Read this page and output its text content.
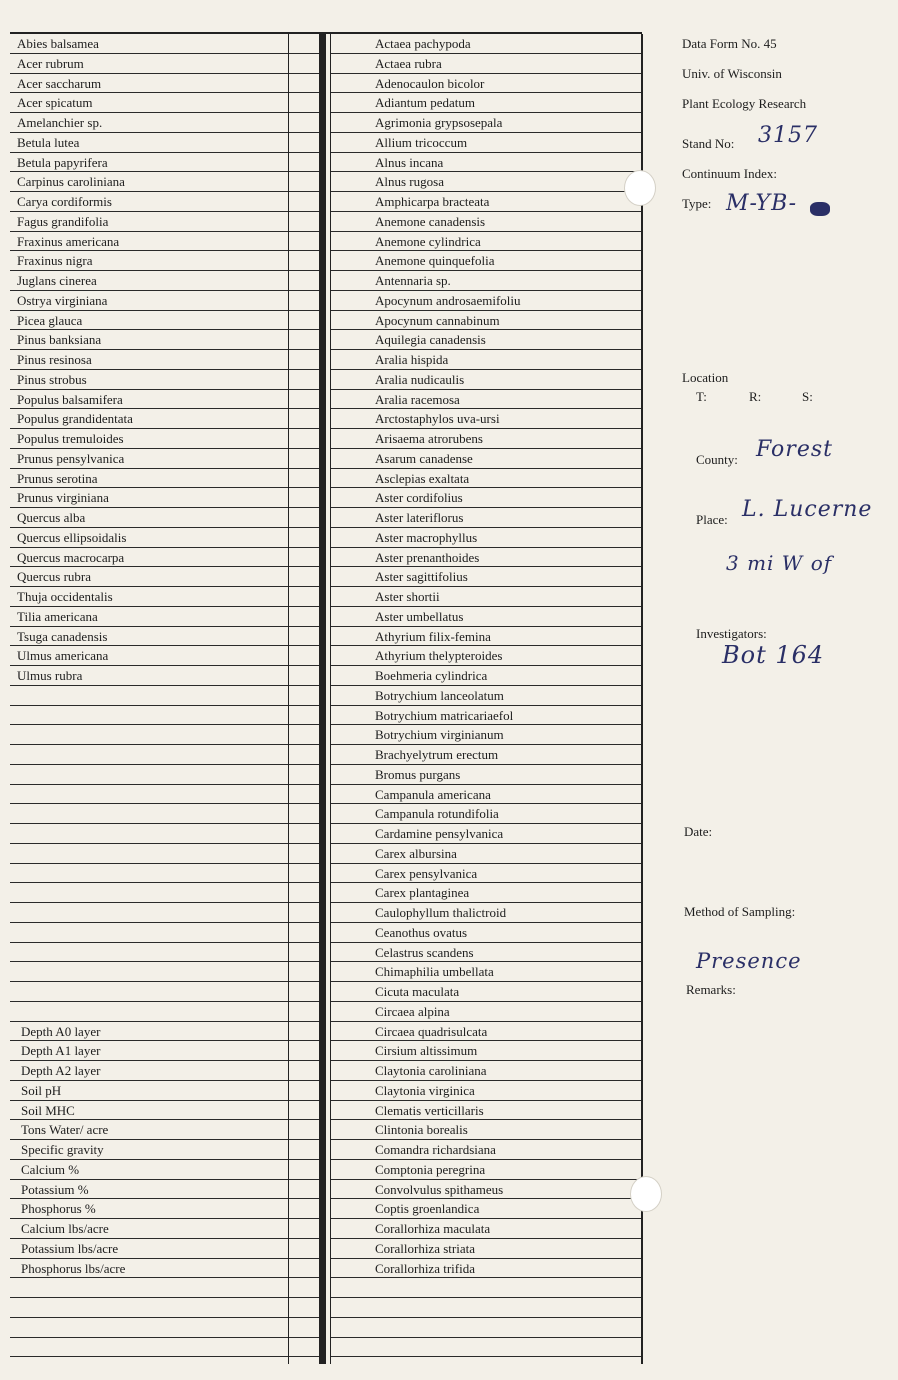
Abies balsamea
Acer rubrum
Acer saccharum
Acer spicatum
Amelanchier sp.
Betula lutea
Betula papyrifera
Carpinus caroliniana
Carya cordiformis
Fagus grandifolia
Fraxinus americana
Fraxinus nigra
Juglans cinerea
Ostrya virginiana
Picea glauca
Pinus banksiana
Pinus resinosa
Pinus strobus
Populus balsamifera
Populus grandidentata
Populus tremuloides
Prunus pensylvanica
Prunus serotina
Prunus virginiana
Quercus alba
Quercus ellipsoidalis
Quercus macrocarpa
Quercus rubra
Thuja occidentalis
Tilia americana
Tsuga canadensis
Ulmus americana
Ulmus rubra
Depth A0 layer
Depth A1 layer
Depth A2 layer
Soil pH
Soil MHC
Tons Water/ acre
Specific gravity
Calcium %
Potassium %
Phosphorus %
Calcium lbs/acre
Potassium lbs/acre
Phosphorus lbs/acre
Actaea pachypoda
Actaea rubra
Adenocaulon bicolor
Adiantum pedatum
Agrimonia grypsosepala
Allium tricoccum
Alnus incana
Alnus rugosa
Amphicarpa bracteata
Anemone canadensis
Anemone cylindrica
Anemone quinquefolia
Antennaria sp.
Apocynum androsaemifoliu
Apocynum cannabinum
Aquilegia canadensis
Aralia hispida
Aralia nudicaulis
Aralia racemosa
Arctostaphylos uva-ursi
Arisaema atrorubens
Asarum canadense
Asclepias exaltata
Aster cordifolius
Aster lateriflorus
Aster macrophyllus
Aster prenanthoides
Aster sagittifolius
Aster shortii
Aster umbellatus
Athyrium filix-femina
Athyrium thelypteroides
Boehmeria cylindrica
Botrychium lanceolatum
Botrychium matricariaefol
Botrychium virginianum
Brachyelytrum erectum
Bromus purgans
Campanula americana
Campanula rotundifolia
Cardamine pensylvanica
Carex albursina
Carex pensylvanica
Carex plantaginea
Caulophyllum thalictroid
Ceanothus ovatus
Celastrus scandens
Chimaphilia umbellata
Cicuta maculata
Circaea alpina
Circaea quadrisulcata
Cirsium altissimum
Claytonia caroliniana
Claytonia virginica
Clematis verticillaris
Clintonia borealis
Comandra richardsiana
Comptonia peregrina
Convolvulus spithameus
Coptis groenlandica
Corallorhiza maculata
Corallorhiza striata
Corallorhiza trifida
Data Form No. 45
Univ. of Wisconsin
Plant Ecology Research
Stand No: 3157
Continuum Index:
Type: M-YB-
Location
T:	R:	S:
County: Forest
Place: L. Lucerne
3 mi W of
Investigators:
Bot 164
Date:
Method of Sampling:
Presence
Remarks:
